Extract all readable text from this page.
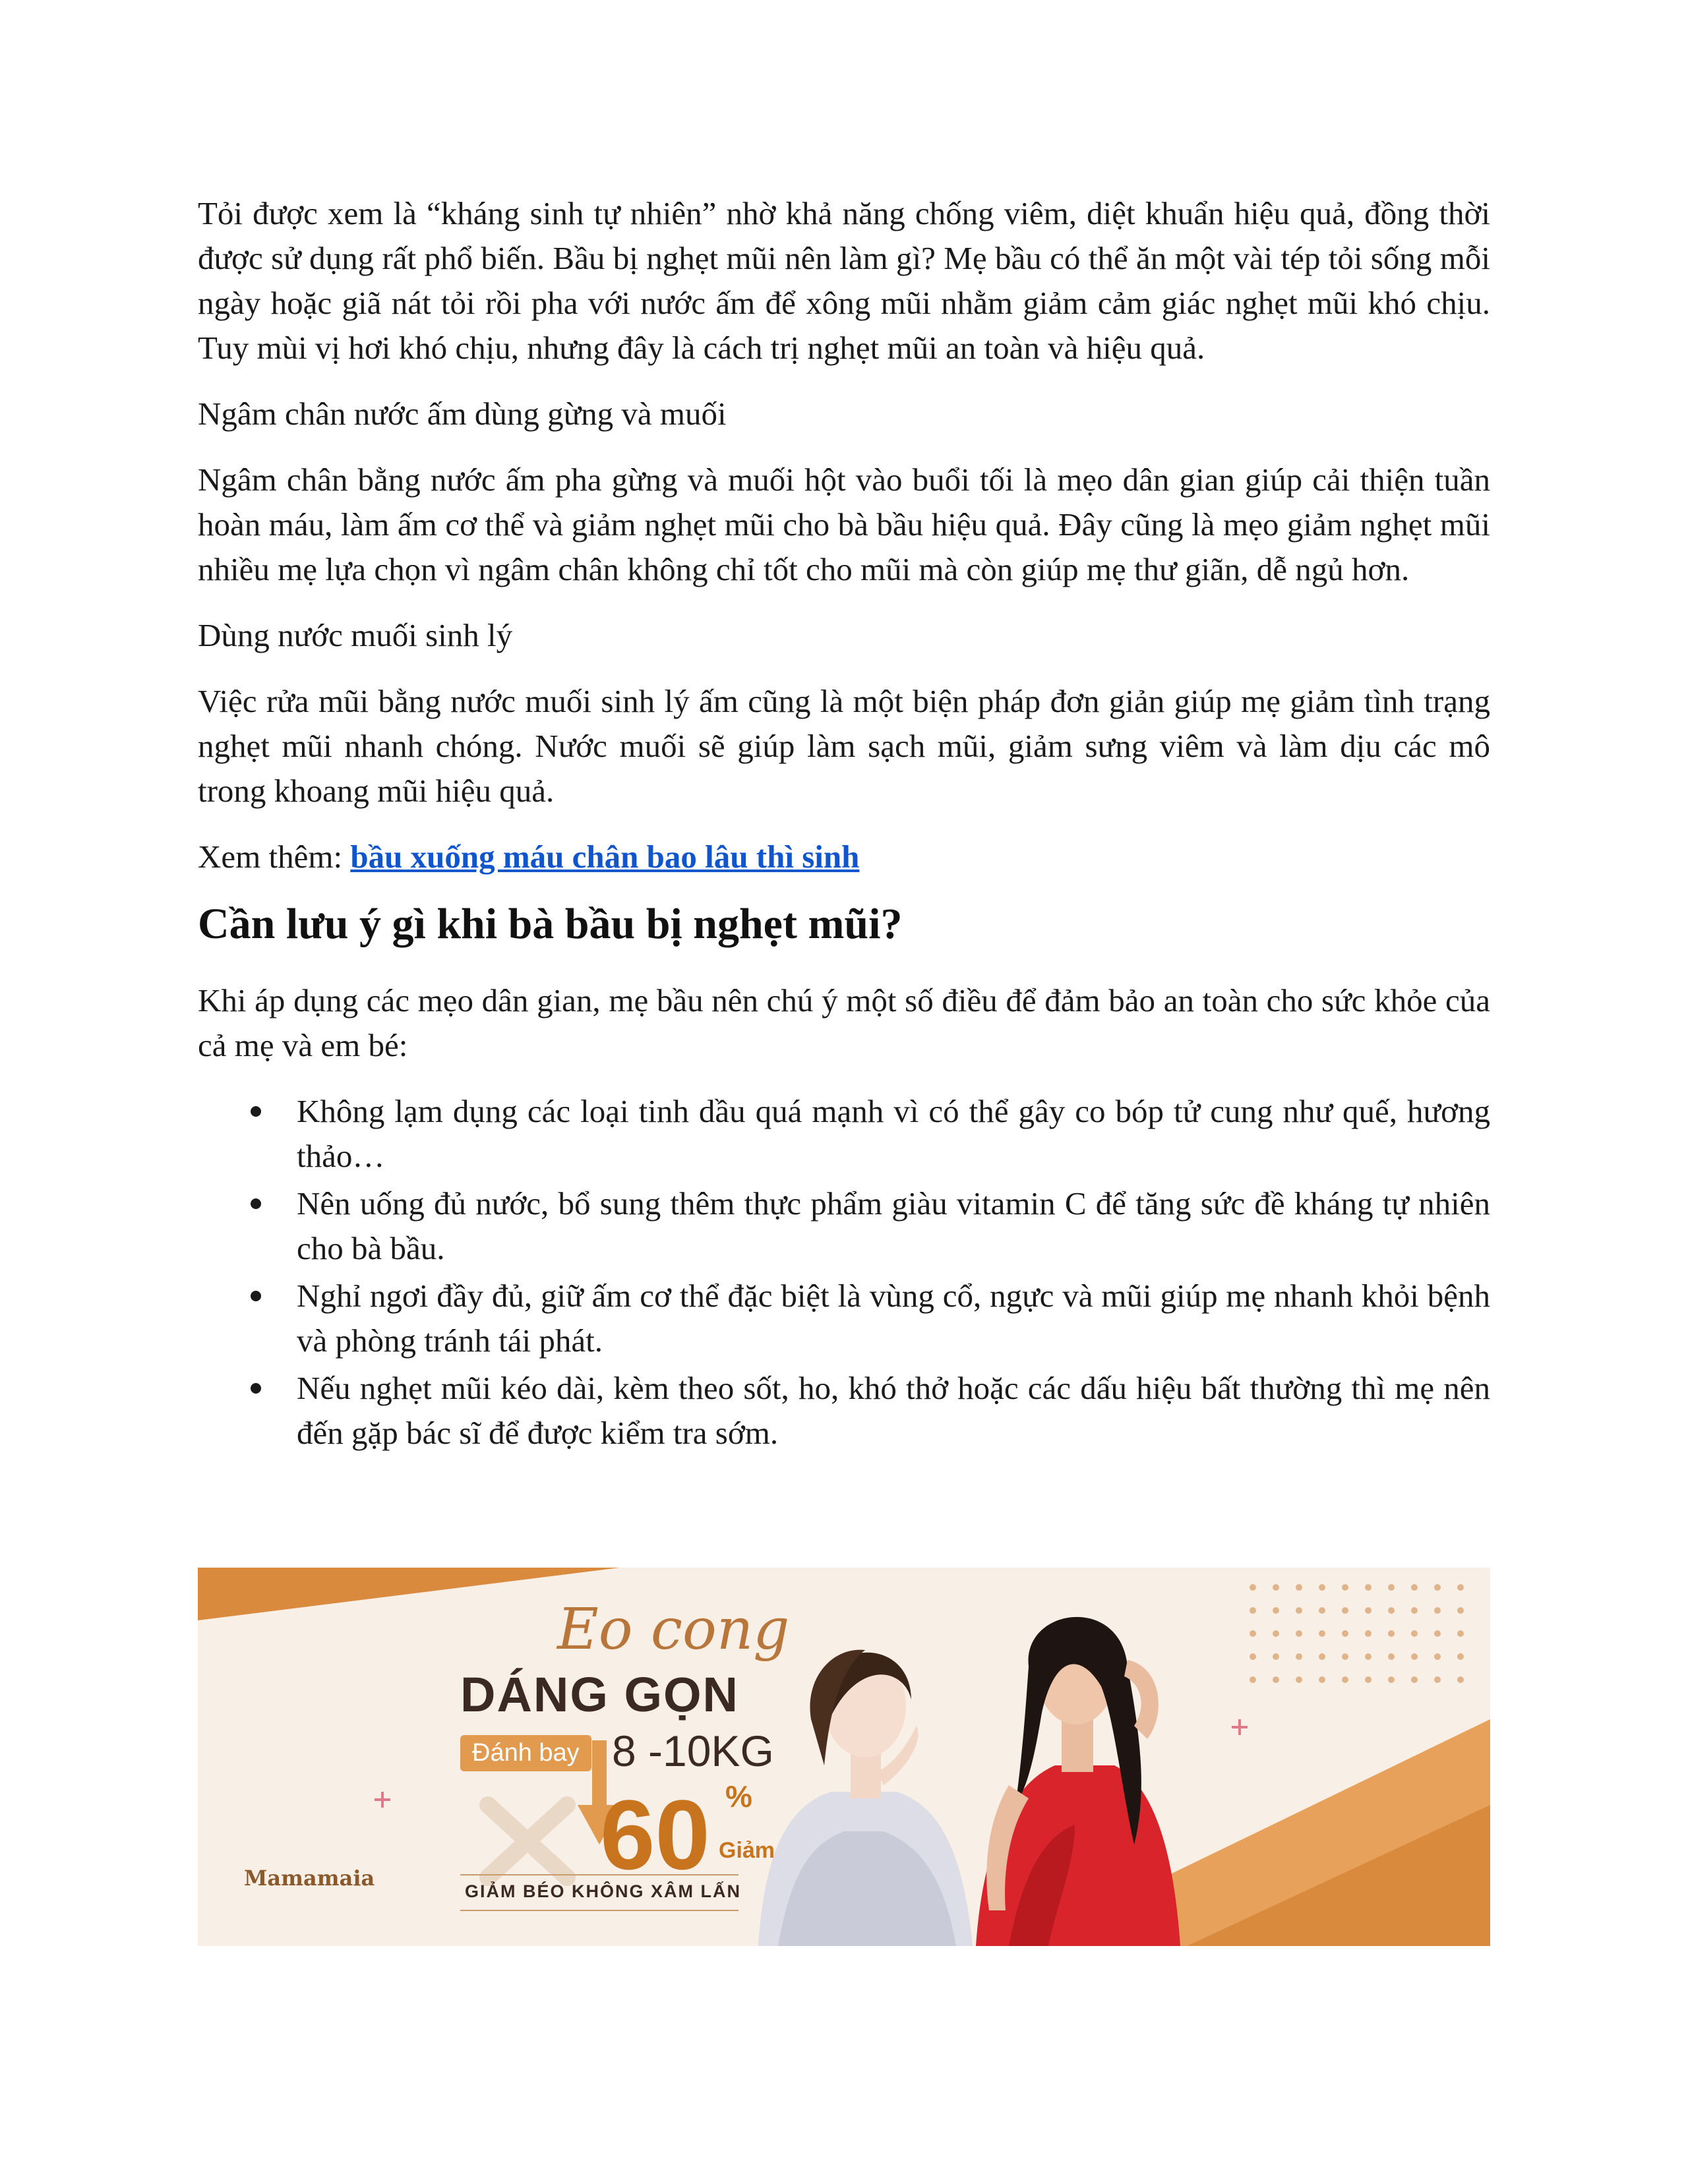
Tỏi được xem là “kháng sinh tự nhiên” nhờ khả năng chống viêm, diệt khuẩn hiệu quả, đồng thời được sử dụng rất phổ biến. Bầu bị nghẹt mũi nên làm gì? Mẹ bầu có thể ăn một vài tép tỏi sống mỗi ngày hoặc giã nát tỏi rồi pha với nước ấm để xông mũi nhằm giảm cảm giác nghẹt mũi khó chịu. Tuy mùi vị hơi khó chịu, nhưng đây là cách trị nghẹt mũi an toàn và hiệu quả.

Ngâm chân nước ấm dùng gừng và muối

Ngâm chân bằng nước ấm pha gừng và muối hột vào buổi tối là mẹo dân gian giúp cải thiện tuần hoàn máu, làm ấm cơ thể và giảm nghẹt mũi cho bà bầu hiệu quả. Đây cũng là mẹo giảm nghẹt mũi nhiều mẹ lựa chọn vì ngâm chân không chỉ tốt cho mũi mà còn giúp mẹ thư giãn, dễ ngủ hơn.

Dùng nước muối sinh lý

Việc rửa mũi bằng nước muối sinh lý ấm cũng là một biện pháp đơn giản giúp mẹ giảm tình trạng nghẹt mũi nhanh chóng. Nước muối sẽ giúp làm sạch mũi, giảm sưng viêm và làm dịu các mô trong khoang mũi hiệu quả.

Xem thêm: bầu xuống máu chân bao lâu thì sinh

Cần lưu ý gì khi bà bầu bị nghẹt mũi?

Khi áp dụng các mẹo dân gian, mẹ bầu nên chú ý một số điều để đảm bảo an toàn cho sức khỏe của cả mẹ và em bé:

Không lạm dụng các loại tinh dầu quá mạnh vì có thể gây co bóp tử cung như quế, hương thảo…
Nên uống đủ nước, bổ sung thêm thực phẩm giàu vitamin C để tăng sức đề kháng tự nhiên cho bà bầu.
Nghỉ ngơi đầy đủ, giữ ấm cơ thể đặc biệt là vùng cổ, ngực và mũi giúp mẹ nhanh khỏi bệnh và phòng tránh tái phát.
Nếu nghẹt mũi kéo dài, kèm theo sốt, ho, khó thở hoặc các dấu hiệu bất thường thì mẹ nên đến gặp bác sĩ để được kiểm tra sớm.
Eo cong
DÁNG GỌN
Đánh bay 8 -10KG
60 %
Giảm
GIẢM BÉO KHÔNG XÂM LẤN
Mamamaia
